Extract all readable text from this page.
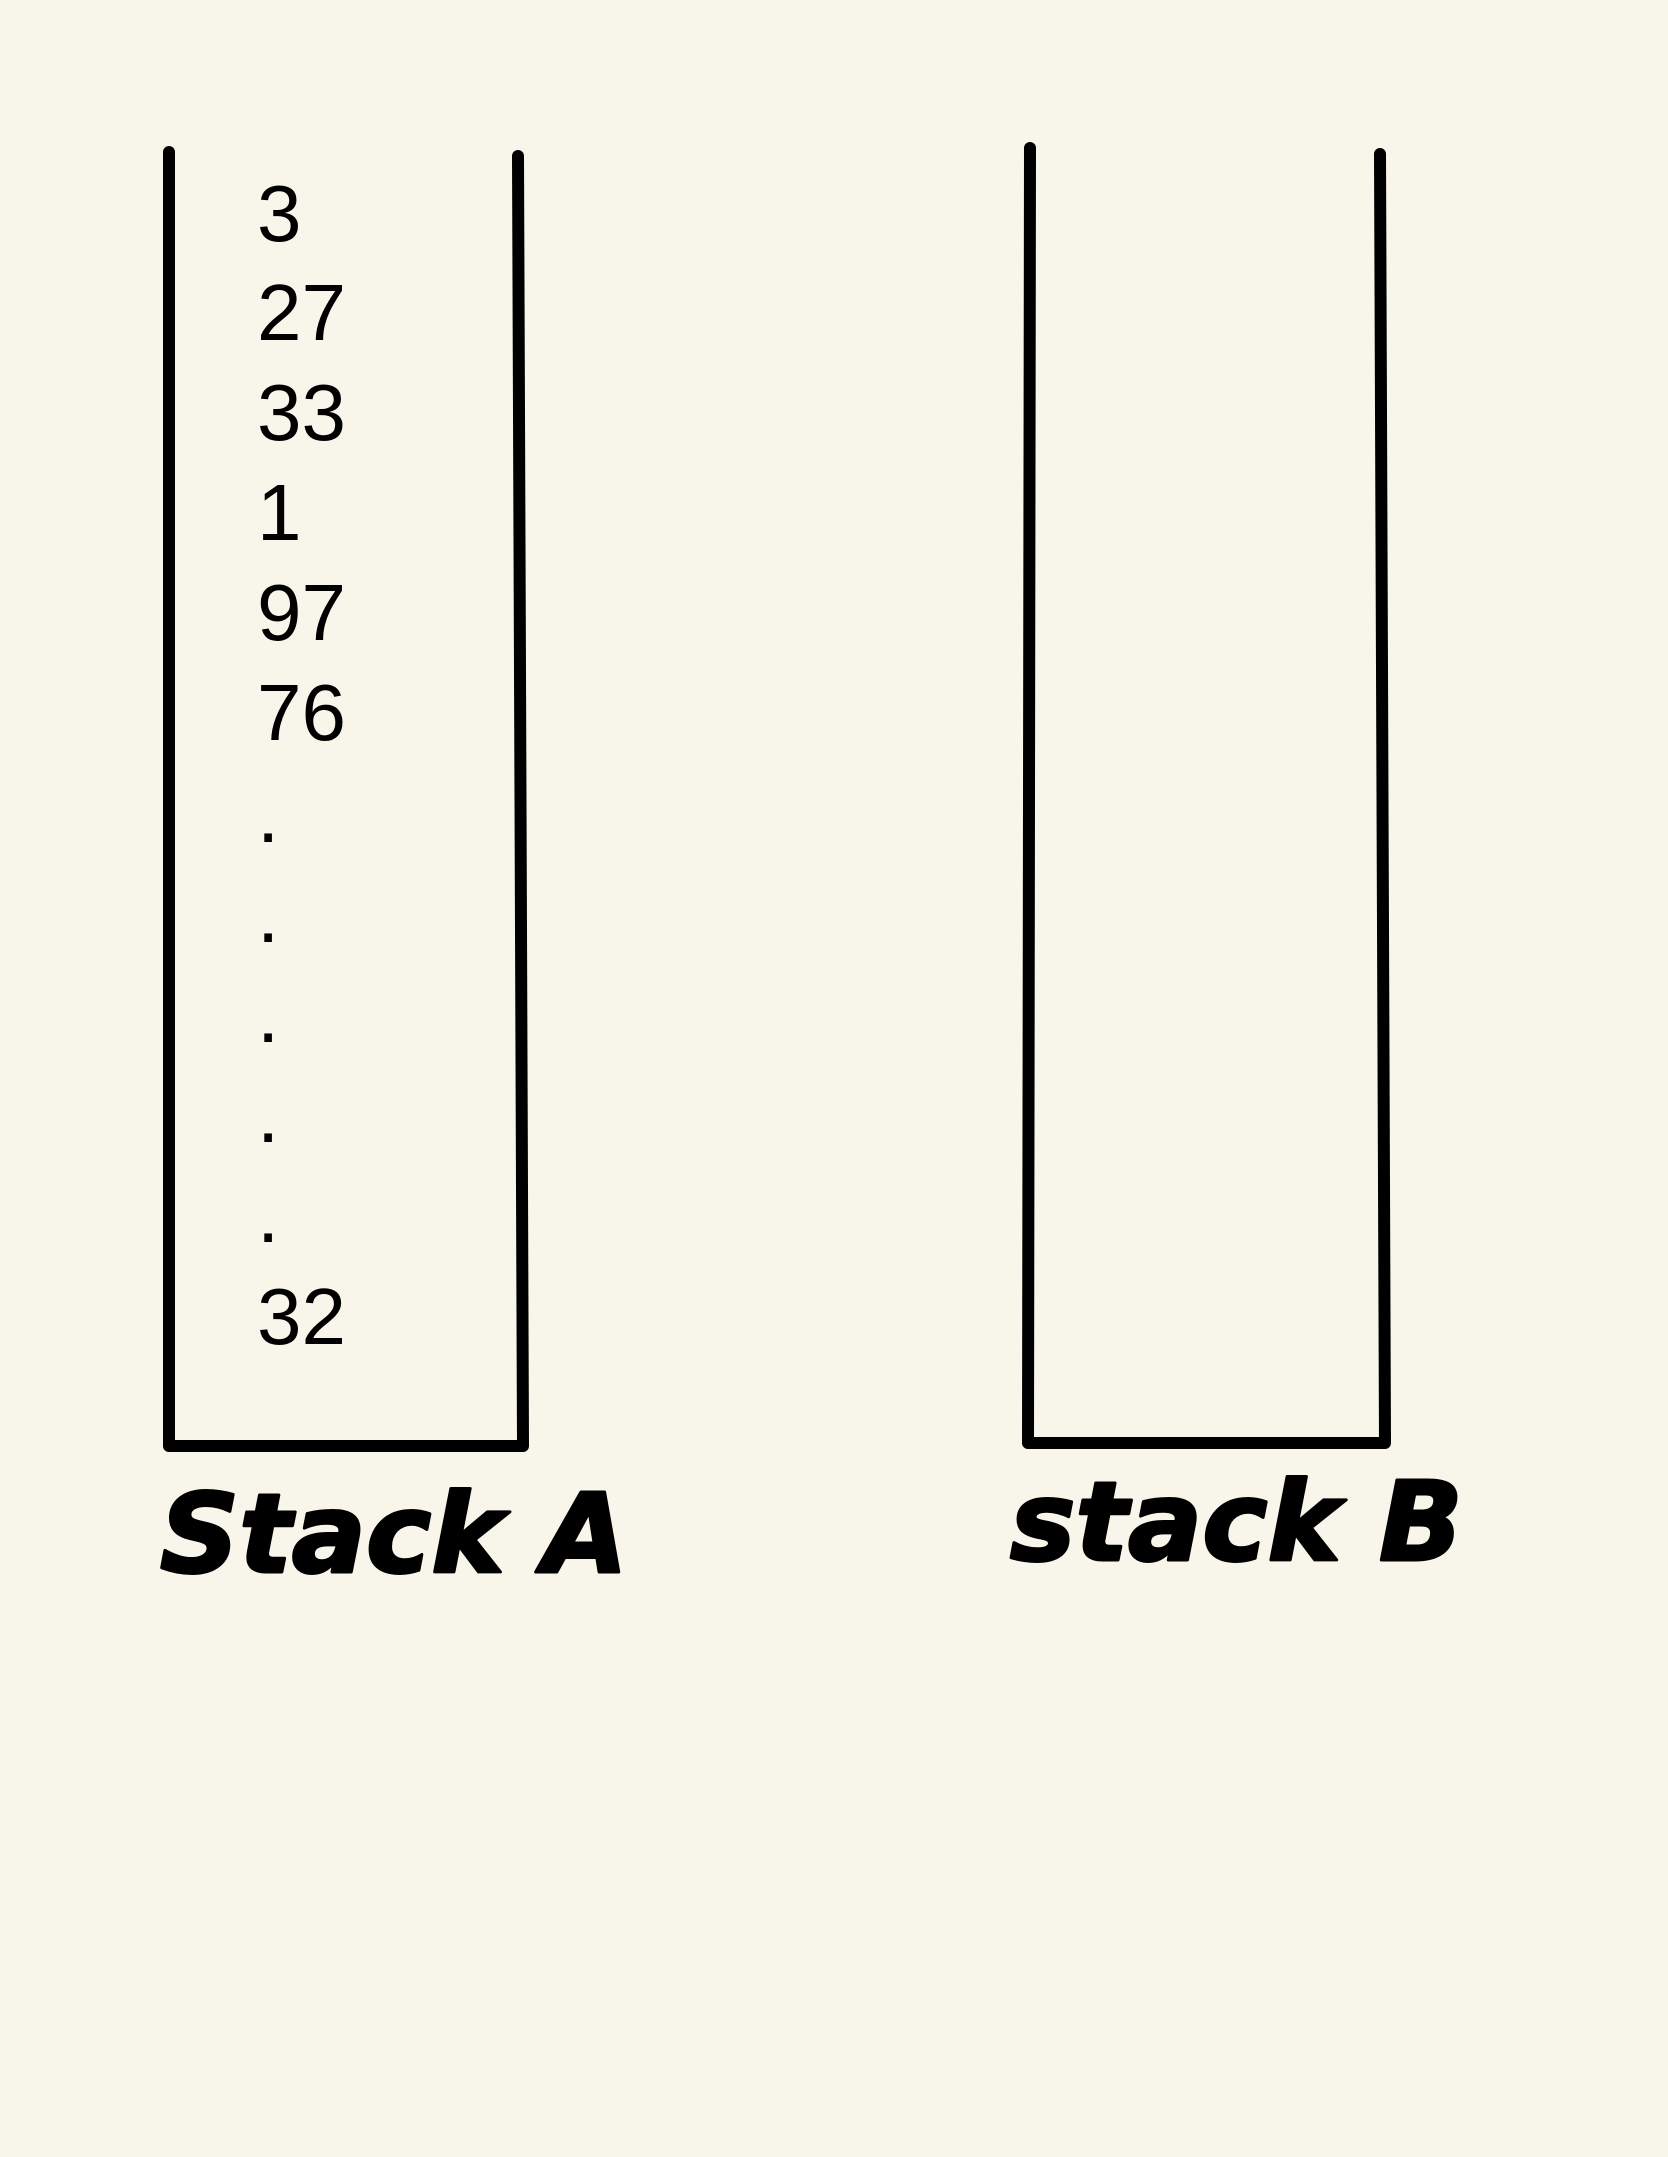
3
27
33
1
97
76
.
.
.
.
.
32
Stack A	stack B
